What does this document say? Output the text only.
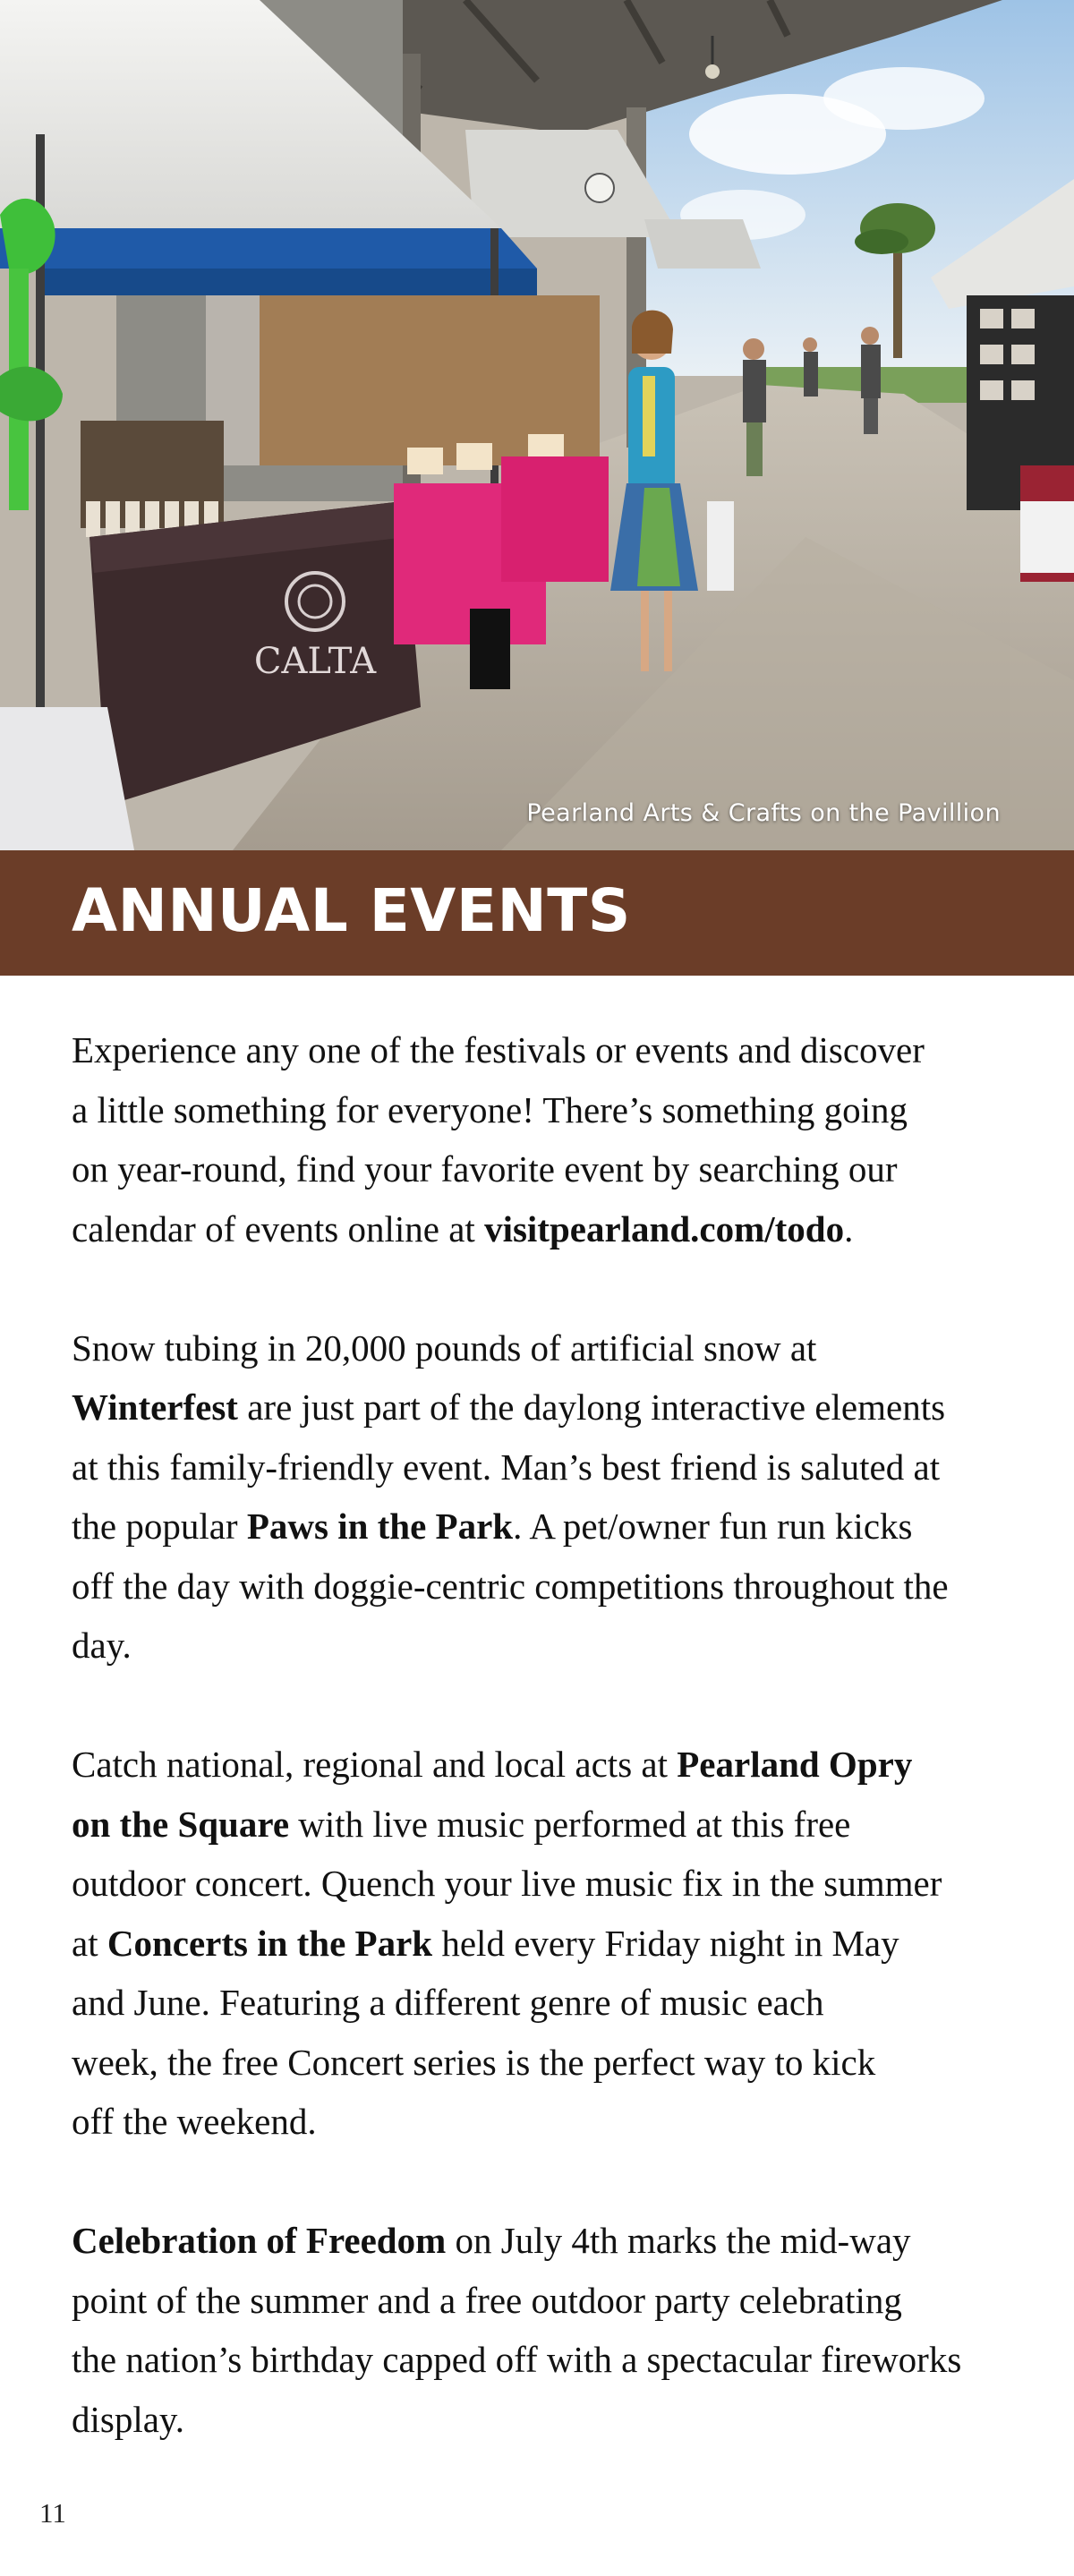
CALTA
Pearland Arts & Crafts on the Pavillion
ANNUAL EVENTS

Experience any one of the festivals or events and discover
a little something for everyone! There’s something going
on year-round, find your favorite event by searching our
calendar of events online at visitpearland.com/todo.

Snow tubing in 20,000 pounds of artificial snow at
Winterfest are just part of the daylong interactive elements
at this family-friendly event. Man’s best friend is saluted at
the popular Paws in the Park. A pet/owner fun run kicks
off the day with doggie-centric competitions throughout the
day.

Catch national, regional and local acts at Pearland Opry
on the Square with live music performed at this free
outdoor concert. Quench your live music fix in the summer
at Concerts in the Park held every Friday night in May
and June. Featuring a different genre of music each
week, the free Concert series is the perfect way to kick
off the weekend.

Celebration of Freedom on July 4th marks the mid-way
point of the summer and a free outdoor party celebrating
the nation’s birthday capped off with a spectacular fireworks
display.

11
